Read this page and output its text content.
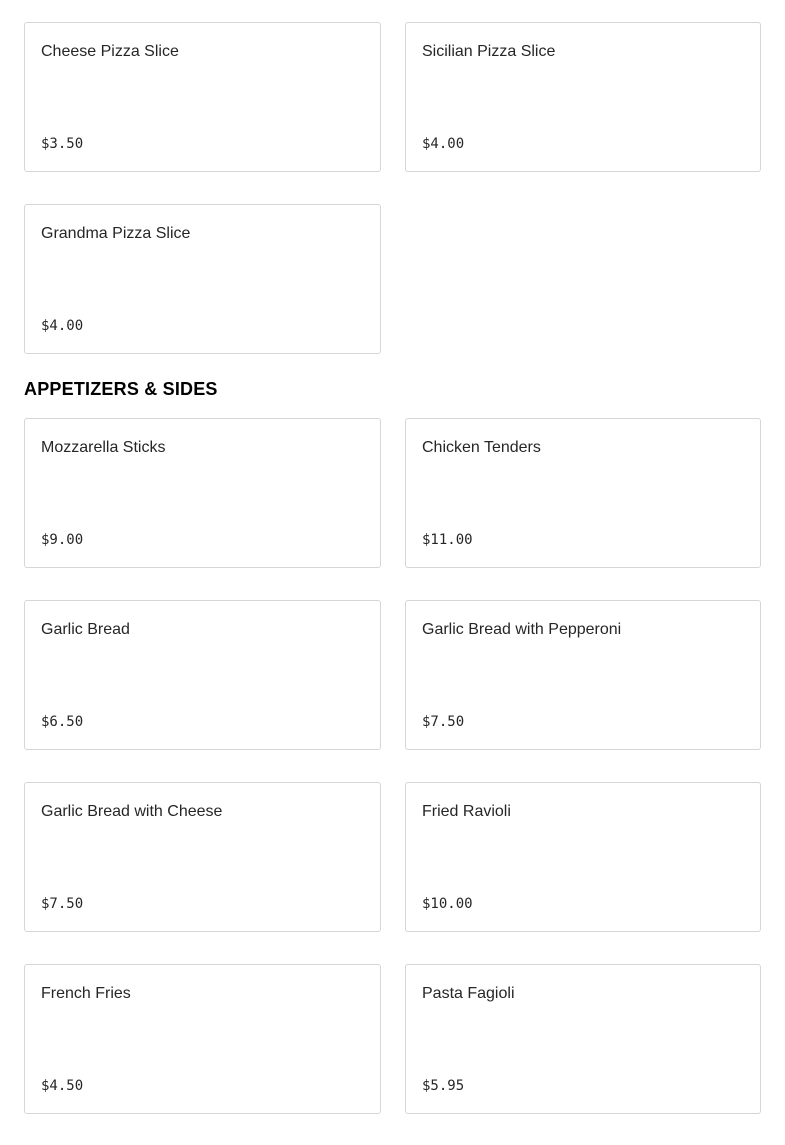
Cheese Pizza Slice
$3.50
Sicilian Pizza Slice
$4.00
Grandma Pizza Slice
$4.00
APPETIZERS & SIDES
Mozzarella Sticks
$9.00
Chicken Tenders
$11.00
Garlic Bread
$6.50
Garlic Bread with Pepperoni
$7.50
Garlic Bread with Cheese
$7.50
Fried Ravioli
$10.00
French Fries
$4.50
Pasta Fagioli
$5.95
